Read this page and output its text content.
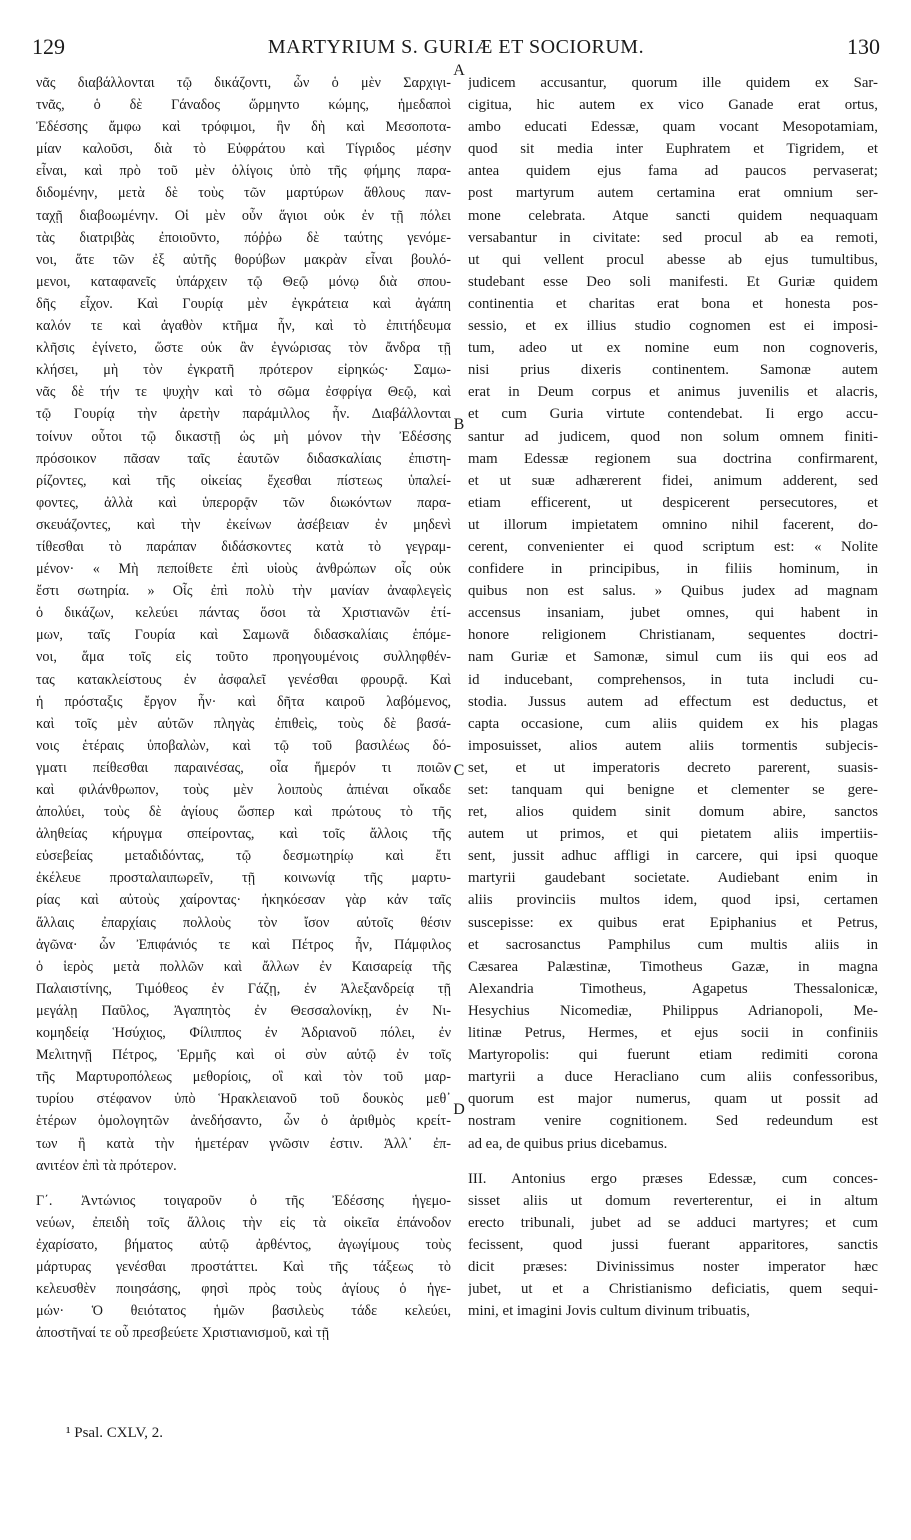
129	MARTYRIUM S. GURIÆ ET SOCIORUM.	130
νᾶς διαβάλλονται τῷ δικάζοντι, ὧν ὁ μὲν Σαρχιγι-
τνᾶς, ὁ δὲ Γάναδος ὥρμηντο κώμης, ἡμεδαποὶ
Ἐδέσσης ἄμφω καὶ τρόφιμοι, ἣν δὴ καὶ Μεσοποτα-
μίαν καλοῦσι, διὰ τὸ Εὐφράτου καὶ Τίγριδος μέσην
εἶναι, καὶ πρὸ τοῦ μὲν ὀλίγοις ὑπὸ τῆς φήμης παρα-
διδομένην, μετὰ δὲ τοὺς τῶν μαρτύρων ἄθλους παν-
ταχῇ διαβοωμένην. Οἱ μὲν οὖν ἅγιοι οὐκ ἐν τῇ πόλει
τὰς διατριβὰς ἐποιοῦντο, πόῤῥω δὲ ταύτης γενόμε-
νοι, ἅτε τῶν ἐξ αὐτῆς θορύβων μακρὰν εἶναι βουλό-
μενοι, καταφανεῖς ὑπάρχειν τῷ Θεῷ μόνῳ διὰ σπου-
δῆς εἶχον. Καὶ Γουρίᾳ μὲν ἐγκράτεια καὶ ἀγάπη
καλόν τε καὶ ἀγαθὸν κτῆμα ἦν, καὶ τὸ ἐπιτήδευμα
κλῆσις ἐγίνετο, ὥστε οὐκ ἂν ἐγνώρισας τὸν ἄνδρα τῇ
κλήσει, μὴ τὸν ἐγκρατῆ πρότερον εἰρηκώς· Σαμω-
νᾶς δὲ τήν τε ψυχὴν καὶ τὸ σῶμα ἐσφρίγα Θεῷ, καὶ
τῷ Γουρίᾳ τὴν ἀρετὴν παράμιλλος ἦν. Διαβάλλονται
τοίνυν οὗτοι τῷ δικαστῇ ὡς μὴ μόνον τὴν Ἐδέσσης
πρόσοικον πᾶσαν ταῖς ἑαυτῶν διδασκαλίαις ἐπιστη-
ρίζοντες, καὶ τῆς οἰκείας ἔχεσθαι πίστεως ὑπαλεί-
φοντες, ἀλλὰ καὶ ὑπερορᾷν τῶν διωκόντων παρα-
σκευάζοντες, καὶ τὴν ἐκείνων ἀσέβειαν ἐν μηδενὶ
τίθεσθαι τὸ παράπαν διδάσκοντες κατὰ τὸ γεγραμ-
μένον· « Μὴ πεποίθετε ἐπὶ υἱοὺς ἀνθρώπων οἷς οὐκ
ἔστι σωτηρία. » Οἷς ἐπὶ πολὺ τὴν μανίαν ἀναφλεγεὶς
ὁ δικάζων, κελεύει πάντας ὅσοι τὰ Χριστιανῶν ἐτί-
μων, ταῖς Γουρία καὶ Σαμωνᾶ διδασκαλίαις ἑπόμε-
νοι, ἅμα τοῖς εἰς τοῦτο προηγουμένοις συλληφθέν-
τας κατακλείστους ἐν ἀσφαλεῖ γενέσθαι φρουρᾷ. Καὶ
ἡ πρόσταξις ἔργον ἦν· καὶ δῆτα καιροῦ λαβόμενος,
καὶ τοῖς μὲν αὐτῶν πληγὰς ἐπιθεὶς, τοὺς δὲ βασά-
νοις ἑτέραις ὑποβαλὼν, καὶ τῷ τοῦ βασιλέως δό-
γματι πείθεσθαι παραινέσας, οἷα ἥμερόν τι ποιῶν
καὶ φιλάνθρωπον, τοὺς μὲν λοιποὺς ἀπιέναι οἴκαδε
ἀπολύει, τοὺς δὲ ἁγίους ὥσπερ καὶ πρώτους τὸ τῆς
ἀληθείας κήρυγμα σπείροντας, καὶ τοῖς ἄλλοις τῆς
εὐσεβείας μεταδιδόντας, τῷ δεσμωτηρίῳ καὶ ἔτι
ἐκέλευε προσταλαιπωρεῖν, τῇ κοινωνίᾳ τῆς μαρτυ-
ρίας καὶ αὐτοὺς χαίροντας· ἠκηκόεσαν γὰρ κἀν ταῖς
ἄλλαις ἐπαρχίαις πολλοὺς τὸν ἴσον αὐτοῖς θέσιν
ἀγῶνα· ὧν Ἐπιφάνιός τε καὶ Πέτρος ἦν, Πάμφιλος
ὁ ἱερὸς μετὰ πολλῶν καὶ ἄλλων ἐν Καισαρείᾳ τῆς
Παλαιστίνης, Τιμόθεος ἐν Γάζῃ, ἐν Ἀλεξανδρείᾳ τῇ
μεγάλῃ Παῦλος, Ἀγαπητὸς ἐν Θεσσαλονίκῃ, ἐν Νι-
κομηδείᾳ Ἡσύχιος, Φίλιππος ἐν Ἀδριανοῦ πόλει, ἐν
Μελιτηνῇ Πέτρος, Ἑρμῆς καὶ οἱ σὺν αὐτῷ ἐν τοῖς
τῆς Μαρτυροπόλεως μεθορίοις, οἳ καὶ τὸν τοῦ μαρ-
τυρίου στέφανον ὑπὸ Ἡρακλειανοῦ τοῦ δουκὸς μεθ᾽
ἑτέρων ὁμολογητῶν ἀνεδήσαντο, ὧν ὁ ἀριθμὸς κρείτ-
των ἢ κατὰ τὴν ἡμετέραν γνῶσιν ἐστιν. Ἀλλ᾽ ἐπ-
ανιτέον ἐπὶ τὰ πρότερον.
Γ΄. Ἀντώνιος τοιγαροῦν ὁ τῆς Ἐδέσσης ἡγεμο-
νεύων, ἐπειδὴ τοῖς ἄλλοις τὴν εἰς τὰ οἰκεῖα ἐπάνοδον
ἐχαρίσατο, βήματος αὐτῷ ἀρθέντος, ἀγωγίμους τοὺς
μάρτυρας γενέσθαι προστάττει. Καὶ τῆς τάξεως τὸ
κελευσθὲν ποιησάσης, φησὶ πρὸς τοὺς ἁγίους ὁ ἡγε-
μών· Ὁ θειότατος ἡμῶν βασιλεὺς τάδε κελεύει,
ἀποστῆναί τε οὗ πρεσβεύετε Χριστιανισμοῦ, καὶ τῇ
judicem accusantur, quorum ille quidem ex Sar-
cigitua, hic autem ex vico Ganade erat ortus,
ambo educati Edessæ, quam vocant Mesopotamiam,
quod sit media inter Euphratem et Tigridem, et
antea quidem ejus fama ad paucos pervaserat;
post martyrum autem certamina erat omnium ser-
mone celebrata. Atque sancti quidem nequaquam
versabantur in civitate: sed procul ab ea remoti,
ut qui vellent procul abesse ab ejus tumultibus,
studebant esse Deo soli manifesti. Et Guriæ quidem
continentia et charitas erat bona et honesta pos-
sessio, et ex illius studio cognomen est ei imposi-
tum, adeo ut ex nomine eum non cognoveris,
nisi prius dixeris continentem. Samonæ autem
erat in Deum corpus et animus juvenilis et alacris,
et cum Guria virtute contendebat. Ii ergo accu-
santur ad judicem, quod non solum omnem finiti-
mam Edessæ regionem sua doctrina confirmarent,
et ut suæ adhærerent fidei, animum adderent, sed
etiam efficerent, ut despicerent persecutores, et
ut illorum impietatem omnino nihil facerent, do-
cerent, convenienter ei quod scriptum est: « Nolite
confidere in principibus, in filiis hominum, in
quibus non est salus. » Quibus judex ad magnam
accensus insaniam, jubet omnes, qui habent in
honore religionem Christianam, sequentes doctri-
nam Guriæ et Samonæ, simul cum iis qui eos ad
id inducebant, comprehensos, in tuta includi cu-
stodia. Jussus autem ad effectum est deductus, et
capta occasione, cum aliis quidem ex his plagas
imposuisset, alios autem aliis tormentis subjecis-
set, et ut imperatoris decreto parerent, suasis-
set: tanquam qui benigne et clementer se gere-
ret, alios quidem sinit domum abire, sanctos
autem ut primos, et qui pietatem aliis impertiis-
sent, jussit adhuc affligi in carcere, qui ipsi quoque
martyrii gaudebant societate. Audiebant enim in
aliis provinciis multos idem, quod ipsi, certamen
suscepisse: ex quibus erat Epiphanius et Petrus,
et sacrosanctus Pamphilus cum multis aliis in
Cæsarea Palæstinæ, Timotheus Gazæ, in magna
Alexandria Timotheus, Agapetus Thessalonicæ,
Hesychius Nicomediæ, Philippus Adrianopoli, Me-
litinæ Petrus, Hermes, et ejus socii in confiniis
Martyropolis: qui fuerunt etiam redimiti corona
martyrii a duce Heracliano cum aliis confessoribus,
quorum est major numerus, quam ut possit ad
nostram venire cognitionem. Sed redeundum est
ad ea, de quibus prius dicebamus.
III. Antonius ergo præses Edessæ, cum conces-
sisset aliis ut domum reverterentur, ei in altum
erecto tribunali, jubet ad se adduci martyres; et cum
fecissent, quod jussi fuerant apparitores, sanctis
dicit præses: Divinissimus noster imperator hæc
jubet, ut et a Christianismo deficiatis, quem sequi-
mini, et imagini Jovis cultum divinum tribuatis,
A
B
C
D
¹ Psal. CXLV, 2.
